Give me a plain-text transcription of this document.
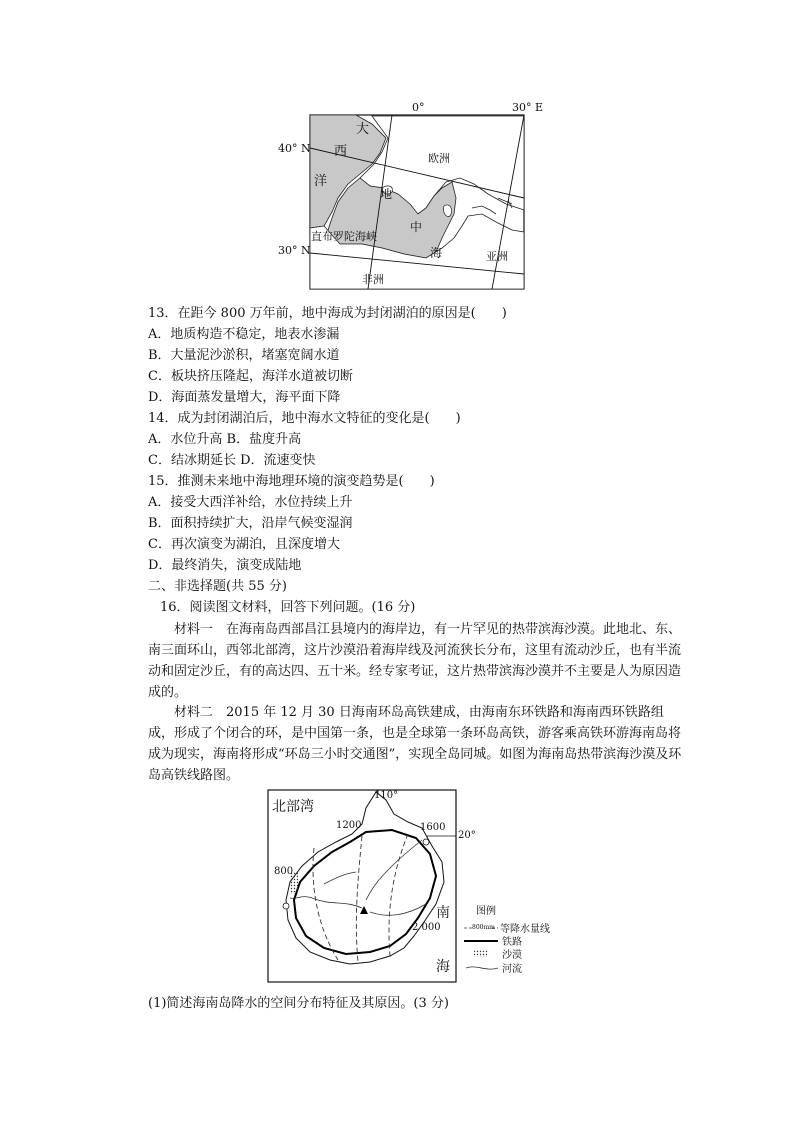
0°	30° E
40° N
30° N
大
西
洋
欧洲
地
中
海
直布罗陀海峡
非洲
亚洲
13．在距今 800 万年前，地中海成为封闭湖泊的原因是(　　)
A．地质构造不稳定，地表水渗漏
B．大量泥沙淤积，堵塞宽阔水道
C．板块挤压隆起，海洋水道被切断
D．海面蒸发量增大，海平面下降
14．成为封闭湖泊后，地中海水文特征的变化是(　　)
A．水位升高 B．盐度升高
C．结冰期延长 D．流速变快
15．推测未来地中海地理环境的演变趋势是(　　)
A．接受大西洋补给，水位持续上升
B．面积持续扩大，沿岸气候变湿润
C．再次演变为湖泊，且深度增大
D．最终消失，演变成陆地
二、非选择题(共 55 分)
16．阅读图文材料，回答下列问题。(16 分)
材料一　在海南岛西部昌江县境内的海岸边，有一片罕见的热带滨海沙漠。此地北、东、南三面环山，西邻北部湾，这片沙漠沿着海岸线及河流狭长分布，这里有流动沙丘，也有半流动和固定沙丘，有的高达四、五十米。经专家考证，这片热带滨海沙漠并不主要是人为原因造成的。
材料二　2015 年 12 月 30 日海南环岛高铁建成，由海南东环铁路和海南西环铁路组成，形成了个闭合的环，是中国第一条，也是全球第一条环岛高铁，游客乘高铁环游海南岛将成为现实，海南将形成“环岛三小时交通图”，实现全岛同城。如图为海南岛热带滨海沙漠及环岛高铁线路图。
北部湾
110°
20°
1200	1600
800
2 000
南
海
图例
800mm 等降水量线
铁路
沙漠
河流
(1)简述海南岛降水的空间分布特征及其原因。(3 分)
